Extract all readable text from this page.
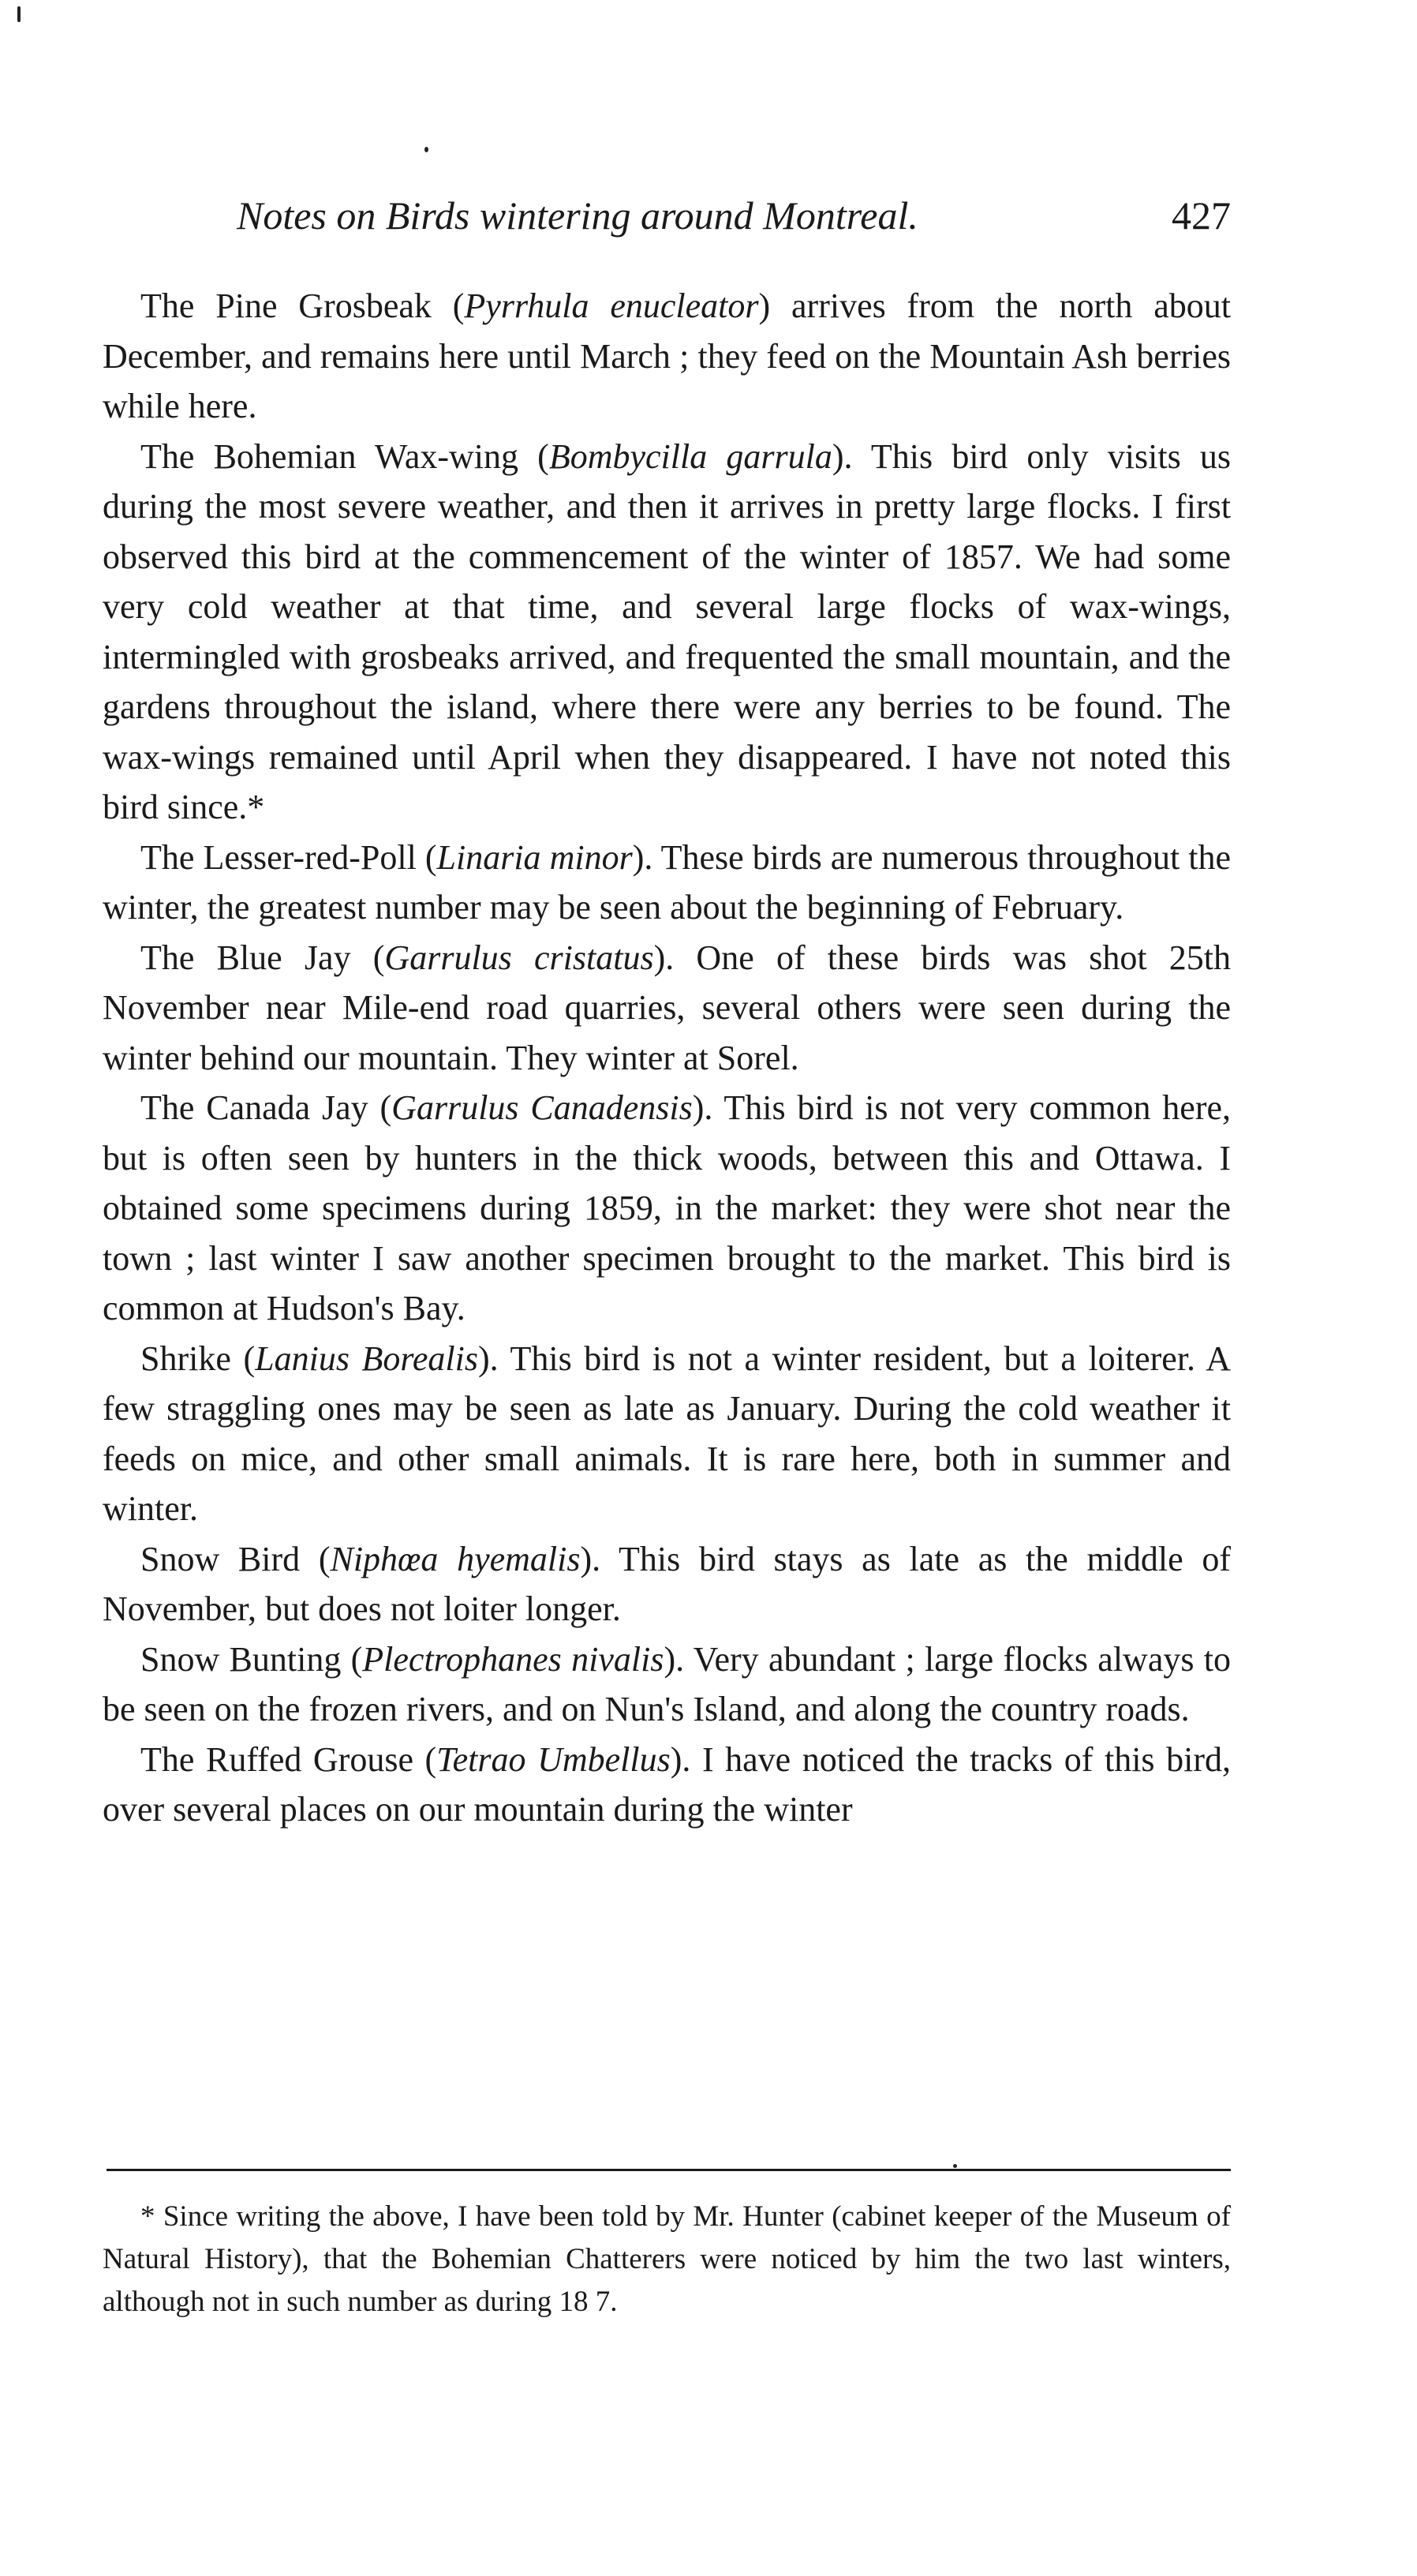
Notes on Birds wintering around Montreal.	427

The Pine Grosbeak (Pyrrhula enucleator) arrives from the north about December, and remains here until March ; they feed on the Mountain Ash berries while here.

The Bohemian Wax-wing (Bombycilla garrula). This bird only visits us during the most severe weather, and then it arrives in pretty large flocks. I first observed this bird at the commencement of the winter of 1857. We had some very cold weather at that time, and several large flocks of wax-wings, intermingled with grosbeaks arrived, and frequented the small mountain, and the gardens throughout the island, where there were any berries to be found. The wax-wings remained until April when they disappeared. I have not noted this bird since.*

The Lesser-red-Poll (Linaria minor). These birds are numerous throughout the winter, the greatest number may be seen about the beginning of February.

The Blue Jay (Garrulus cristatus). One of these birds was shot 25th November near Mile-end road quarries, several others were seen during the winter behind our mountain. They winter at Sorel.

The Canada Jay (Garrulus Canadensis). This bird is not very common here, but is often seen by hunters in the thick woods, between this and Ottawa. I obtained some specimens during 1859, in the market: they were shot near the town ; last winter I saw another specimen brought to the market. This bird is common at Hudson's Bay.

Shrike (Lanius Borealis). This bird is not a winter resident, but a loiterer. A few straggling ones may be seen as late as January. During the cold weather it feeds on mice, and other small animals. It is rare here, both in summer and winter.

Snow Bird (Niphœa hyemalis). This bird stays as late as the middle of November, but does not loiter longer.

Snow Bunting (Plectrophanes nivalis). Very abundant ; large flocks always to be seen on the frozen rivers, and on Nun's Island, and along the country roads.

The Ruffed Grouse (Tetrao Umbellus). I have noticed the tracks of this bird, over several places on our mountain during the winter

* Since writing the above, I have been told by Mr. Hunter (cabinet keeper of the Museum of Natural History), that the Bohemian Chatterers were noticed by him the two last winters, although not in such number as during 18 7.
